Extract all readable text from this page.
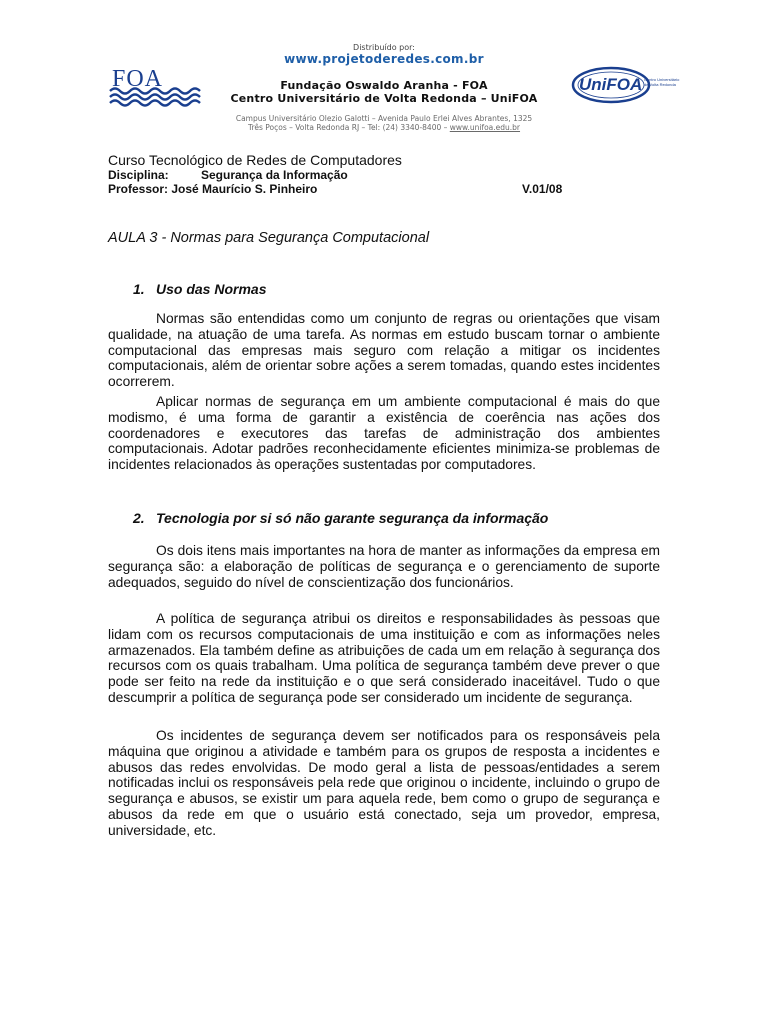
Distribuído por:
www.projetoderedes.com.br
FOA	Fundação Oswaldo Aranha - FOA
Centro Universitário de Volta Redonda – UniFOA
UniFOA Centro Universitário
de Volta Redonda
Campus Universitário Olezio Galotti – Avenida Paulo Erlei Alves Abrantes, 1325
Três Poços – Volta Redonda RJ – Tel: (24) 3340-8400 – www.unifoa.edu.br
Curso Tecnológico de Redes de Computadores
Disciplina:	Segurança da Informação
Professor: José Maurício S. Pinheiro	V.01/08
AULA 3 - Normas para Segurança Computacional
1. Uso das Normas

Normas são entendidas como um conjunto de regras ou orientações que visam qualidade, na atuação de uma tarefa. As normas em estudo buscam tornar o ambiente computacional das empresas mais seguro com relação a mitigar os incidentes computacionais, além de orientar sobre ações a serem tomadas, quando estes incidentes ocorrerem.

Aplicar normas de segurança em um ambiente computacional é mais do que modismo, é uma forma de garantir a existência de coerência nas ações dos coordenadores e executores das tarefas de administração dos ambientes computacionais. Adotar padrões reconhecidamente eficientes minimiza-se problemas de incidentes relacionados às operações sustentadas por computadores.

2. Tecnologia por si só não garante segurança da informação

Os dois itens mais importantes na hora de manter as informações da empresa em segurança são: a elaboração de políticas de segurança e o gerenciamento de suporte adequados, seguido do nível de conscientização dos funcionários.

A política de segurança atribui os direitos e responsabilidades às pessoas que lidam com os recursos computacionais de uma instituição e com as informações neles armazenados. Ela também define as atribuições de cada um em relação à segurança dos recursos com os quais trabalham. Uma política de segurança também deve prever o que pode ser feito na rede da instituição e o que será considerado inaceitável. Tudo o que descumprir a política de segurança pode ser considerado um incidente de segurança.

Os incidentes de segurança devem ser notificados para os responsáveis pela máquina que originou a atividade e também para os grupos de resposta a incidentes e abusos das redes envolvidas. De modo geral a lista de pessoas/entidades a serem notificadas inclui os responsáveis pela rede que originou o incidente, incluindo o grupo de segurança e abusos, se existir um para aquela rede, bem como o grupo de segurança e abusos da rede em que o usuário está conectado, seja um provedor, empresa, universidade, etc.
